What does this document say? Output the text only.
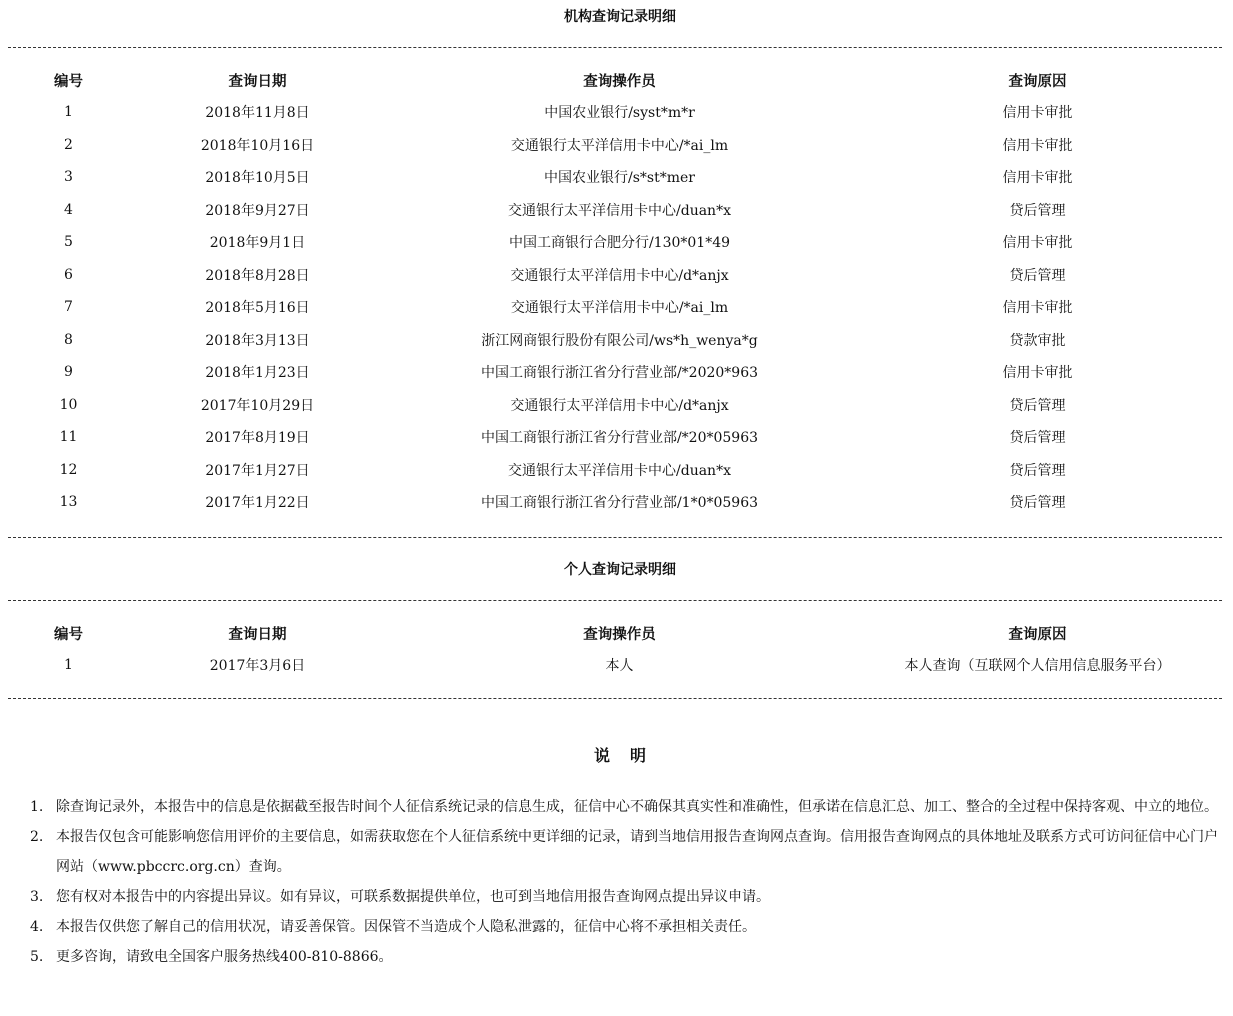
机构查询记录明细
编号	查询日期	查询操作员	查询原因
1	2018年11月8日	中国农业银行/syst*m*r	信用卡审批
2	2018年10月16日	交通银行太平洋信用卡中心/*ai_lm	信用卡审批
3	2018年10月5日	中国农业银行/s*st*mer	信用卡审批
4	2018年9月27日	交通银行太平洋信用卡中心/duan*x	贷后管理
5	2018年9月1日	中国工商银行合肥分行/130*01*49	信用卡审批
6	2018年8月28日	交通银行太平洋信用卡中心/d*anjx	贷后管理
7	2018年5月16日	交通银行太平洋信用卡中心/*ai_lm	信用卡审批
8	2018年3月13日	浙江网商银行股份有限公司/ws*h_wenya*g	贷款审批
9	2018年1月23日	中国工商银行浙江省分行营业部/*2020*963	信用卡审批
10	2017年10月29日	交通银行太平洋信用卡中心/d*anjx	贷后管理
11	2017年8月19日	中国工商银行浙江省分行营业部/*20*05963	贷后管理
12	2017年1月27日	交通银行太平洋信用卡中心/duan*x	贷后管理
13	2017年1月22日	中国工商银行浙江省分行营业部/1*0*05963	贷后管理
个人查询记录明细
编号	查询日期	查询操作员	查询原因
1	2017年3月6日	本人	本人查询（互联网个人信用信息服务平台）
说明
1. 除查询记录外，本报告中的信息是依据截至报告时间个人征信系统记录的信息生成，征信中心不确保其真实性和准确性，但承诺在信息汇总、加工、整合的全过程中保持客观、中立的地位。
2. 本报告仅包含可能影响您信用评价的主要信息，如需获取您在个人征信系统中更详细的记录，请到当地信用报告查询网点查询。信用报告查询网点的具体地址及联系方式可访问征信中心门户网站（www.pbccrc.org.cn）查询。
3. 您有权对本报告中的内容提出异议。如有异议，可联系数据提供单位，也可到当地信用报告查询网点提出异议申请。
4. 本报告仅供您了解自己的信用状况，请妥善保管。因保管不当造成个人隐私泄露的，征信中心将不承担相关责任。
5. 更多咨询，请致电全国客户服务热线400-810-8866。
